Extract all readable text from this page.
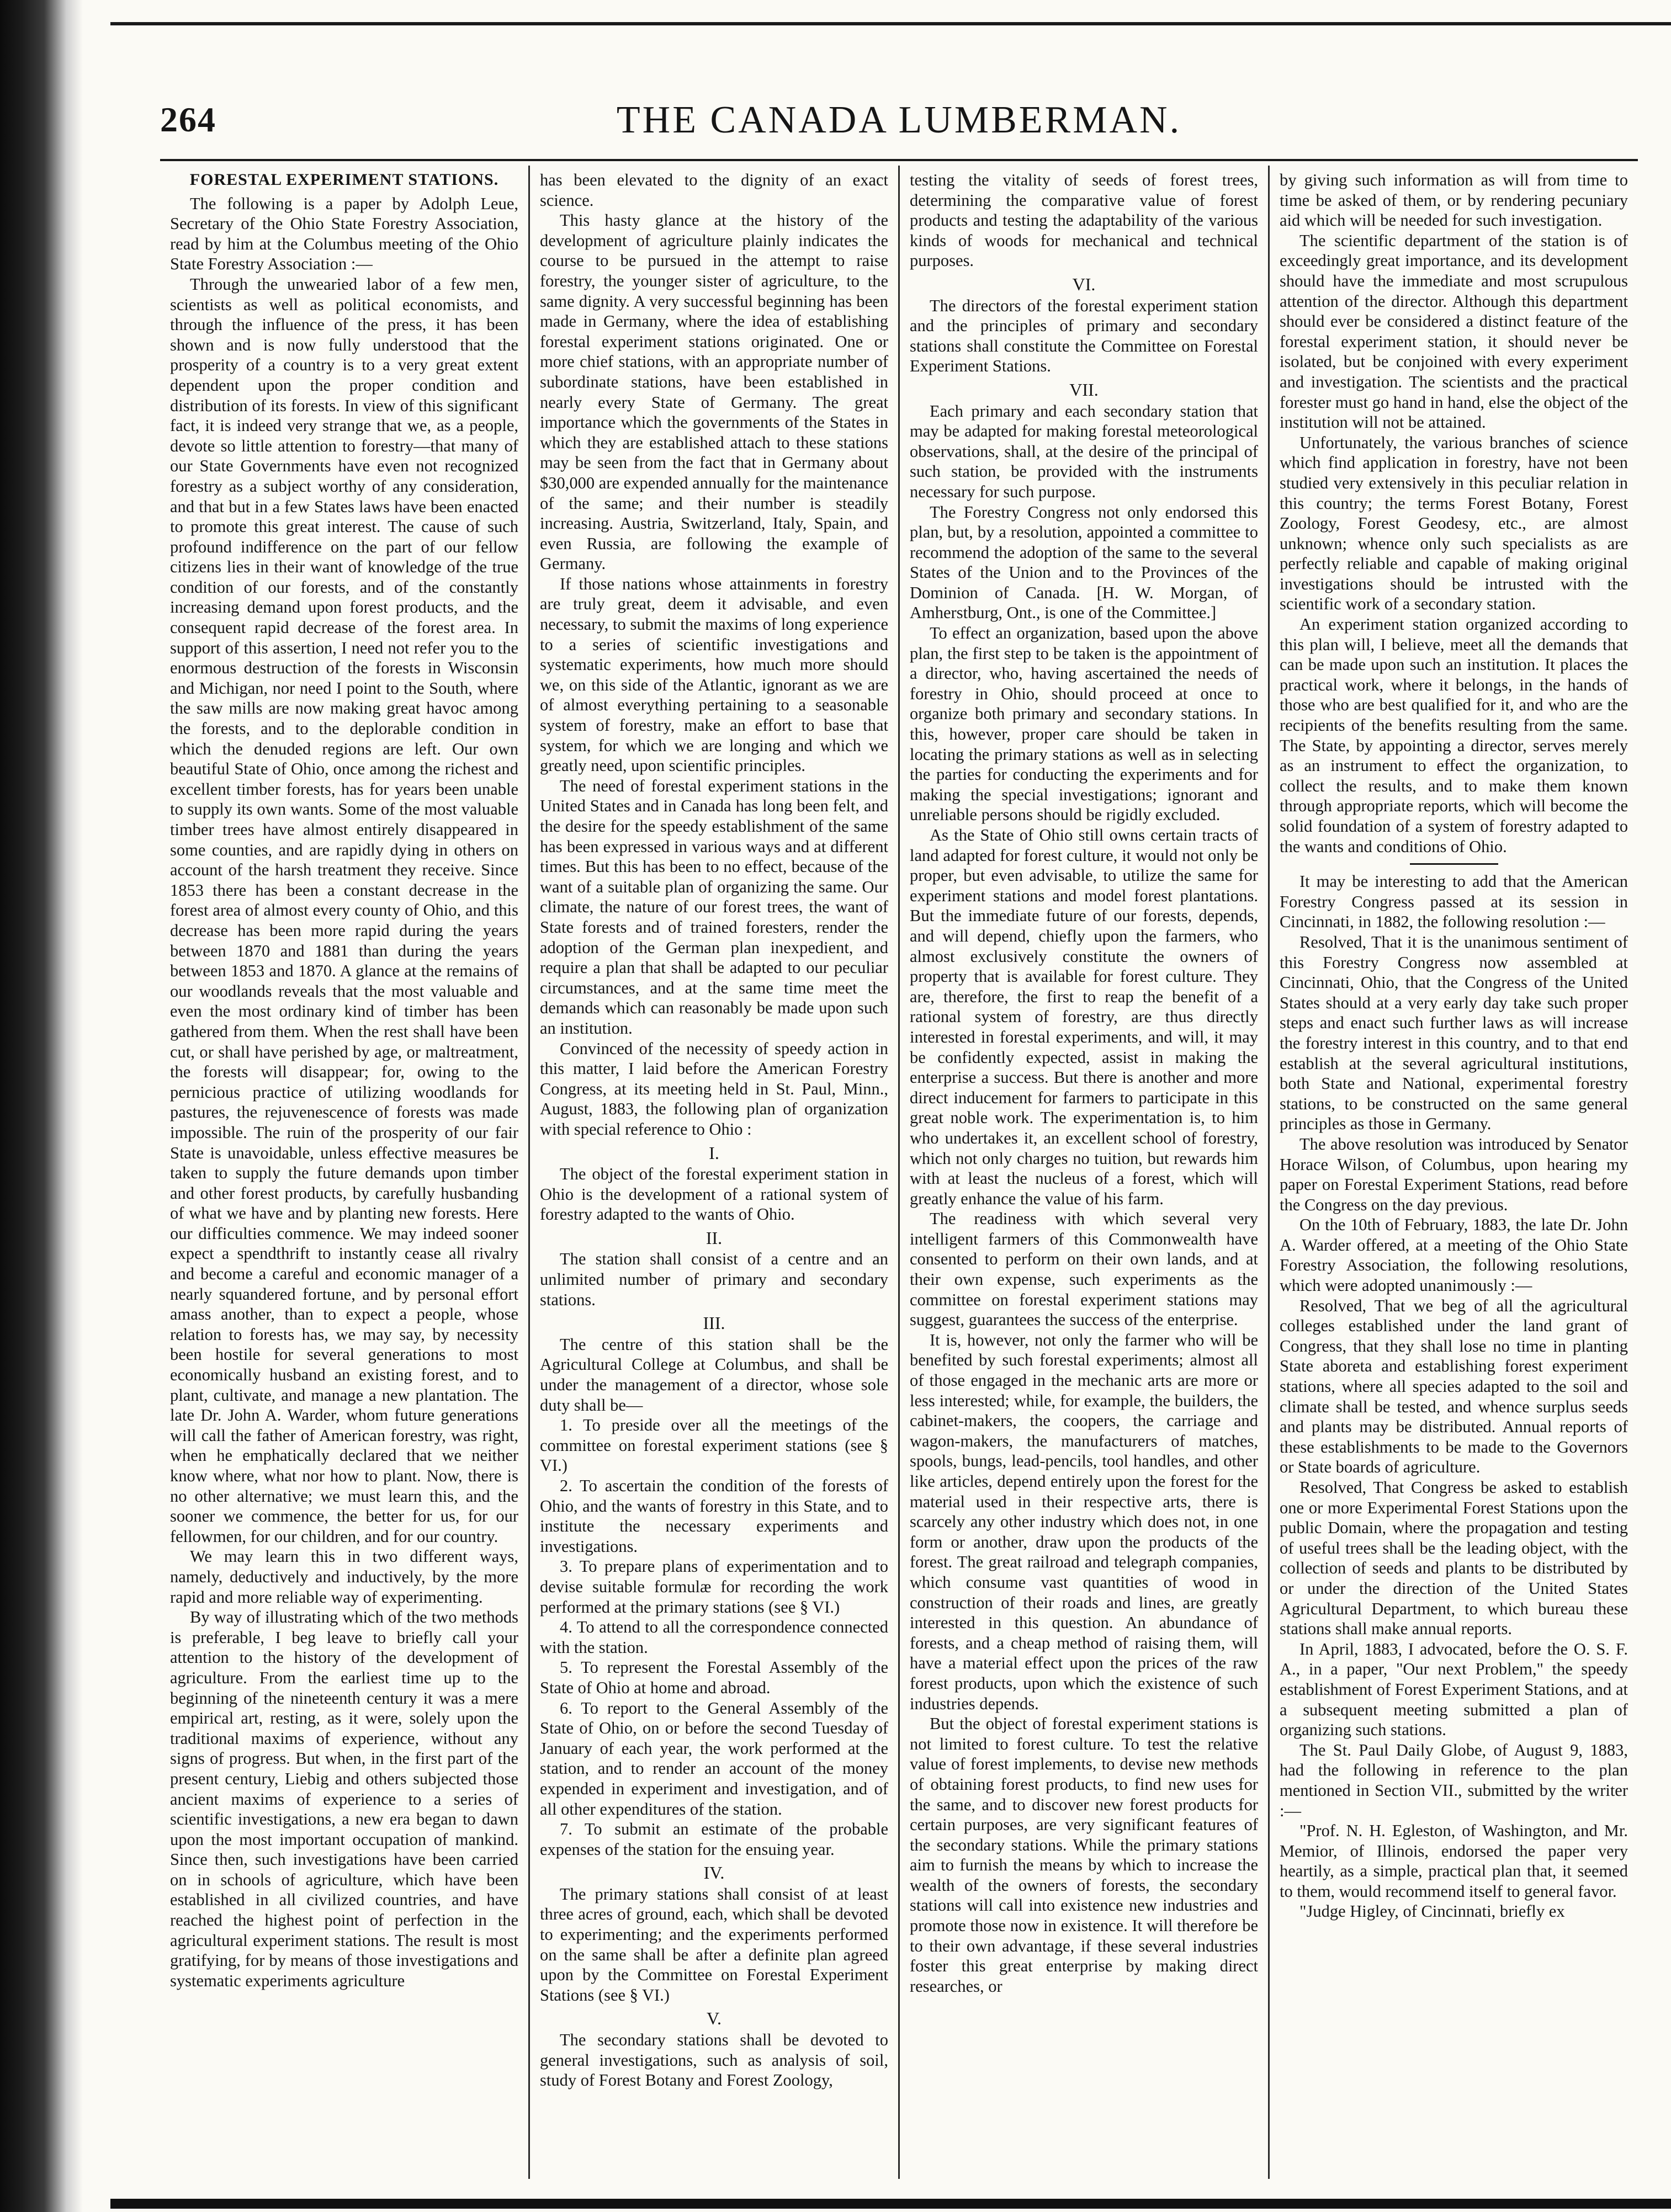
264	THE CANADA LUMBERMAN.
FORESTAL EXPERIMENT STATIONS.

The following is a paper by Adolph Leue, Secretary of the Ohio State Forestry Association, read by him at the Columbus meeting of the Ohio State Forestry Association :—

Through the unwearied labor of a few men, scientists as well as political economists, and through the influence of the press, it has been shown and is now fully understood that the prosperity of a country is to a very great extent dependent upon the proper condition and distribution of its forests. In view of this significant fact, it is indeed very strange that we, as a people, devote so little attention to forestry—that many of our State Governments have even not recognized forestry as a subject worthy of any consideration, and that but in a few States laws have been enacted to promote this great interest. The cause of such profound indifference on the part of our fellow citizens lies in their want of knowledge of the true condition of our forests, and of the constantly increasing demand upon forest products, and the consequent rapid decrease of the forest area. In support of this assertion, I need not refer you to the enormous destruction of the forests in Wisconsin and Michigan, nor need I point to the South, where the saw mills are now making great havoc among the forests, and to the deplorable condition in which the denuded regions are left. Our own beautiful State of Ohio, once among the richest and excellent timber forests, has for years been unable to supply its own wants. Some of the most valuable timber trees have almost entirely disappeared in some counties, and are rapidly dying in others on account of the harsh treatment they receive. Since 1853 there has been a constant decrease in the forest area of almost every county of Ohio, and this decrease has been more rapid during the years between 1870 and 1881 than during the years between 1853 and 1870. A glance at the remains of our woodlands reveals that the most valuable and even the most ordinary kind of timber has been gathered from them. When the rest shall have been cut, or shall have perished by age, or maltreatment, the forests will disappear; for, owing to the pernicious practice of utilizing woodlands for pastures, the rejuvenescence of forests was made impossible. The ruin of the prosperity of our fair State is unavoidable, unless effective measures be taken to supply the future demands upon timber and other forest products, by carefully husbanding of what we have and by planting new forests. Here our difficulties commence. We may indeed sooner expect a spendthrift to instantly cease all rivalry and become a careful and economic manager of a nearly squandered fortune, and by personal effort amass another, than to expect a people, whose relation to forests has, we may say, by necessity been hostile for several generations to most economically husband an existing forest, and to plant, cultivate, and manage a new plantation. The late Dr. John A. Warder, whom future generations will call the father of American forestry, was right, when he emphatically declared that we neither know where, what nor how to plant. Now, there is no other alternative; we must learn this, and the sooner we commence, the better for us, for our fellowmen, for our children, and for our country.

We may learn this in two different ways, namely, deductively and inductively, by the more rapid and more reliable way of experimenting.

By way of illustrating which of the two methods is preferable, I beg leave to briefly call your attention to the history of the development of agriculture. From the earliest time up to the beginning of the nineteenth century it was a mere empirical art, resting, as it were, solely upon the traditional maxims of experience, without any signs of progress. But when, in the first part of the present century, Liebig and others subjected those ancient maxims of experience to a series of scientific investigations, a new era began to dawn upon the most important occupation of mankind. Since then, such investigations have been carried on in schools of agriculture, which have been established in all civilized countries, and have reached the highest point of perfection in the agricultural experiment stations. The result is most gratifying, for by means of those investigations and systematic experiments agriculture

has been elevated to the dignity of an exact science.

This hasty glance at the history of the development of agriculture plainly indicates the course to be pursued in the attempt to raise forestry, the younger sister of agriculture, to the same dignity. A very successful beginning has been made in Germany, where the idea of establishing forestal experiment stations originated. One or more chief stations, with an appropriate number of subordinate stations, have been established in nearly every State of Germany. The great importance which the governments of the States in which they are established attach to these stations may be seen from the fact that in Germany about $30,000 are expended annually for the maintenance of the same; and their number is steadily increasing. Austria, Switzerland, Italy, Spain, and even Russia, are following the example of Germany.

If those nations whose attainments in forestry are truly great, deem it advisable, and even necessary, to submit the maxims of long experience to a series of scientific investigations and systematic experiments, how much more should we, on this side of the Atlantic, ignorant as we are of almost everything pertaining to a seasonable system of forestry, make an effort to base that system, for which we are longing and which we greatly need, upon scientific principles.

The need of forestal experiment stations in the United States and in Canada has long been felt, and the desire for the speedy establishment of the same has been expressed in various ways and at different times. But this has been to no effect, because of the want of a suitable plan of organizing the same. Our climate, the nature of our forest trees, the want of State forests and of trained foresters, render the adoption of the German plan inexpedient, and require a plan that shall be adapted to our peculiar circumstances, and at the same time meet the demands which can reasonably be made upon such an institution.

Convinced of the necessity of speedy action in this matter, I laid before the American Forestry Congress, at its meeting held in St. Paul, Minn., August, 1883, the following plan of organization with special reference to Ohio :

I.

The object of the forestal experiment station in Ohio is the development of a rational system of forestry adapted to the wants of Ohio.

II.

The station shall consist of a centre and an unlimited number of primary and secondary stations.

III.

The centre of this station shall be the Agricultural College at Columbus, and shall be under the management of a director, whose sole duty shall be—

1. To preside over all the meetings of the committee on forestal experiment stations (see § VI.)

2. To ascertain the condition of the forests of Ohio, and the wants of forestry in this State, and to institute the necessary experiments and investigations.

3. To prepare plans of experimentation and to devise suitable formulæ for recording the work performed at the primary stations (see § VI.)

4. To attend to all the correspondence connected with the station.

5. To represent the Forestal Assembly of the State of Ohio at home and abroad.

6. To report to the General Assembly of the State of Ohio, on or before the second Tuesday of January of each year, the work performed at the station, and to render an account of the money expended in experiment and investigation, and of all other expenditures of the station.

7. To submit an estimate of the probable expenses of the station for the ensuing year.

IV.

The primary stations shall consist of at least three acres of ground, each, which shall be devoted to experimenting; and the experiments performed on the same shall be after a definite plan agreed upon by the Committee on Forestal Experiment Stations (see § VI.)

V.

The secondary stations shall be devoted to general investigations, such as analysis of soil, study of Forest Botany and Forest Zoology,

testing the vitality of seeds of forest trees, determining the comparative value of forest products and testing the adaptability of the various kinds of woods for mechanical and technical purposes.

VI.

The directors of the forestal experiment station and the principles of primary and secondary stations shall constitute the Committee on Forestal Experiment Stations.

VII.

Each primary and each secondary station that may be adapted for making forestal meteorological observations, shall, at the desire of the principal of such station, be provided with the instruments necessary for such purpose.

The Forestry Congress not only endorsed this plan, but, by a resolution, appointed a committee to recommend the adoption of the same to the several States of the Union and to the Provinces of the Dominion of Canada. [H. W. Morgan, of Amherstburg, Ont., is one of the Committee.]

To effect an organization, based upon the above plan, the first step to be taken is the appointment of a director, who, having ascertained the needs of forestry in Ohio, should proceed at once to organize both primary and secondary stations. In this, however, proper care should be taken in locating the primary stations as well as in selecting the parties for conducting the experiments and for making the special investigations; ignorant and unreliable persons should be rigidly excluded.

As the State of Ohio still owns certain tracts of land adapted for forest culture, it would not only be proper, but even advisable, to utilize the same for experiment stations and model forest plantations. But the immediate future of our forests, depends, and will depend, chiefly upon the farmers, who almost exclusively constitute the owners of property that is available for forest culture. They are, therefore, the first to reap the benefit of a rational system of forestry, are thus directly interested in forestal experiments, and will, it may be confidently expected, assist in making the enterprise a success. But there is another and more direct inducement for farmers to participate in this great noble work. The experimentation is, to him who undertakes it, an excellent school of forestry, which not only charges no tuition, but rewards him with at least the nucleus of a forest, which will greatly enhance the value of his farm.

The readiness with which several very intelligent farmers of this Commonwealth have consented to perform on their own lands, and at their own expense, such experiments as the committee on forestal experiment stations may suggest, guarantees the success of the enterprise.

It is, however, not only the farmer who will be benefited by such forestal experiments; almost all of those engaged in the mechanic arts are more or less interested; while, for example, the builders, the cabinet-makers, the coopers, the carriage and wagon-makers, the manufacturers of matches, spools, bungs, lead-pencils, tool handles, and other like articles, depend entirely upon the forest for the material used in their respective arts, there is scarcely any other industry which does not, in one form or another, draw upon the products of the forest. The great railroad and telegraph companies, which consume vast quantities of wood in construction of their roads and lines, are greatly interested in this question. An abundance of forests, and a cheap method of raising them, will have a material effect upon the prices of the raw forest products, upon which the existence of such industries depends.

But the object of forestal experiment stations is not limited to forest culture. To test the relative value of forest implements, to devise new methods of obtaining forest products, to find new uses for the same, and to discover new forest products for certain purposes, are very significant features of the secondary stations. While the primary stations aim to furnish the means by which to increase the wealth of the owners of forests, the secondary stations will call into existence new industries and promote those now in existence. It will therefore be to their own advantage, if these several industries foster this great enterprise by making direct researches, or

by giving such information as will from time to time be asked of them, or by rendering pecuniary aid which will be needed for such investigation.

The scientific department of the station is of exceedingly great importance, and its development should have the immediate and most scrupulous attention of the director. Although this department should ever be considered a distinct feature of the forestal experiment station, it should never be isolated, but be conjoined with every experiment and investigation. The scientists and the practical forester must go hand in hand, else the object of the institution will not be attained.

Unfortunately, the various branches of science which find application in forestry, have not been studied very extensively in this peculiar relation in this country; the terms Forest Botany, Forest Zoology, Forest Geodesy, etc., are almost unknown; whence only such specialists as are perfectly reliable and capable of making original investigations should be intrusted with the scientific work of a secondary station.

An experiment station organized according to this plan will, I believe, meet all the demands that can be made upon such an institution. It places the practical work, where it belongs, in the hands of those who are best qualified for it, and who are the recipients of the benefits resulting from the same. The State, by appointing a director, serves merely as an instrument to effect the organization, to collect the results, and to make them known through appropriate reports, which will become the solid foundation of a system of forestry adapted to the wants and conditions of Ohio.

It may be interesting to add that the American Forestry Congress passed at its session in Cincinnati, in 1882, the following resolution :—

Resolved, That it is the unanimous sentiment of this Forestry Congress now assembled at Cincinnati, Ohio, that the Congress of the United States should at a very early day take such proper steps and enact such further laws as will increase the forestry interest in this country, and to that end establish at the several agricultural institutions, both State and National, experimental forestry stations, to be constructed on the same general principles as those in Germany.

The above resolution was introduced by Senator Horace Wilson, of Columbus, upon hearing my paper on Forestal Experiment Stations, read before the Congress on the day previous.

On the 10th of February, 1883, the late Dr. John A. Warder offered, at a meeting of the Ohio State Forestry Association, the following resolutions, which were adopted unanimously :—

Resolved, That we beg of all the agricultural colleges established under the land grant of Congress, that they shall lose no time in planting State aboreta and establishing forest experiment stations, where all species adapted to the soil and climate shall be tested, and whence surplus seeds and plants may be distributed. Annual reports of these establishments to be made to the Governors or State boards of agriculture.

Resolved, That Congress be asked to establish one or more Experimental Forest Stations upon the public Domain, where the propagation and testing of useful trees shall be the leading object, with the collection of seeds and plants to be distributed by or under the direction of the United States Agricultural Department, to which bureau these stations shall make annual reports.

In April, 1883, I advocated, before the O. S. F. A., in a paper, "Our next Problem," the speedy establishment of Forest Experiment Stations, and at a subsequent meeting submitted a plan of organizing such stations.

The St. Paul Daily Globe, of August 9, 1883, had the following in reference to the plan mentioned in Section VII., submitted by the writer :—

"Prof. N. H. Egleston, of Washington, and Mr. Memior, of Illinois, endorsed the paper very heartily, as a simple, practical plan that, it seemed to them, would recommend itself to general favor.

"Judge Higley, of Cincinnati, briefly ex
